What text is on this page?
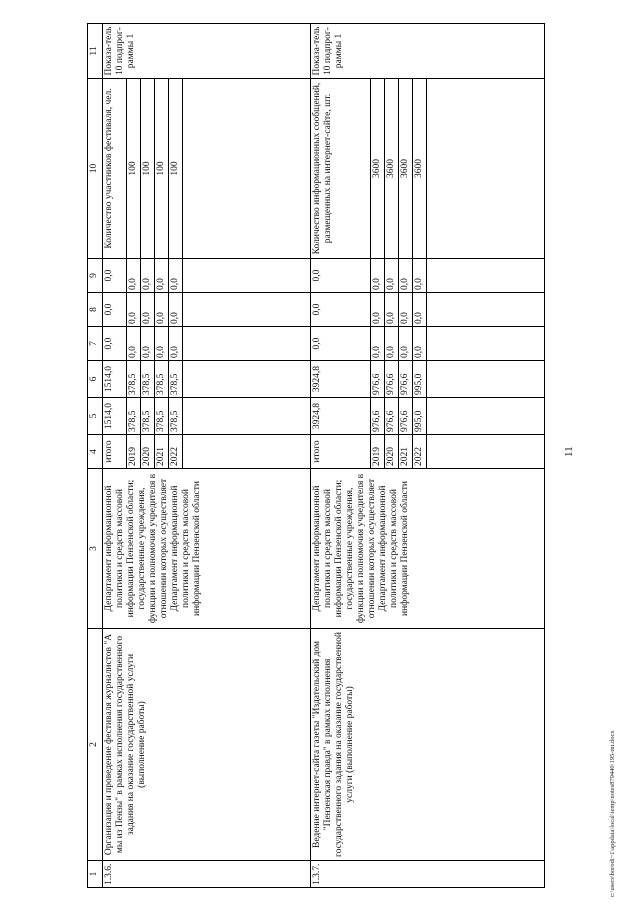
11
c:\users\borodi~1\appdata\local\temp\notes879440\195-пп.docx
1	2	3	4	5	6	7	8	9	10	11
1.3.6.	Организация и проведение фестиваля журналистов "А мы из Пензы" в рамках исполнения государственного задания на оказание государственной услуги (выполнение работы)	Департамент информационной политики и средств массовой информации Пензенской области; государственные учреждения, функции и полномочия учредителя в отношении которых осуществляет Департамент информационной политики и средств массовой информации Пензенской области	итого	1514,0	1514,0	0,0	0,0	0,0	Количество участников фестиваля, чел.	Показа-тель 10 подпрог-раммы 1
			2019	378,5	378,5	0,0	0,0	0,0	100	
			2020	378,5	378,5	0,0	0,0	0,0	100	
			2021	378,5	378,5	0,0	0,0	0,0	100	
			2022	378,5	378,5	0,0	0,0	0,0	100	

1.3.7.	Ведение интернет-сайта газеты "Издательский дом "Пензенская правда" в рамках исполнения государственного задания на оказание государственной услуги (выполнение работы)	Департамент информационной политики и средств массовой информации Пензенской области; государственные учреждения, функции и полномочия учредителя в отношении которых осуществляет Департамент информационной политики и средств массовой информации Пензенской области	итого	3924,8	3924,8	0,0	0,0	0,0	Количество информационных сообщений, размещенных на интернет-сайте, шт.	Показа-тель 10 подпрог-раммы 1
			2019	976,6	976,6	0,0	0,0	0,0	3600	
			2020	976,6	976,6	0,0	0,0	0,0	3600	
			2021	976,6	976,6	0,0	0,0	0,0	3600	
			2022	995,0	995,0	0,0	0,0	0,0	3600	
